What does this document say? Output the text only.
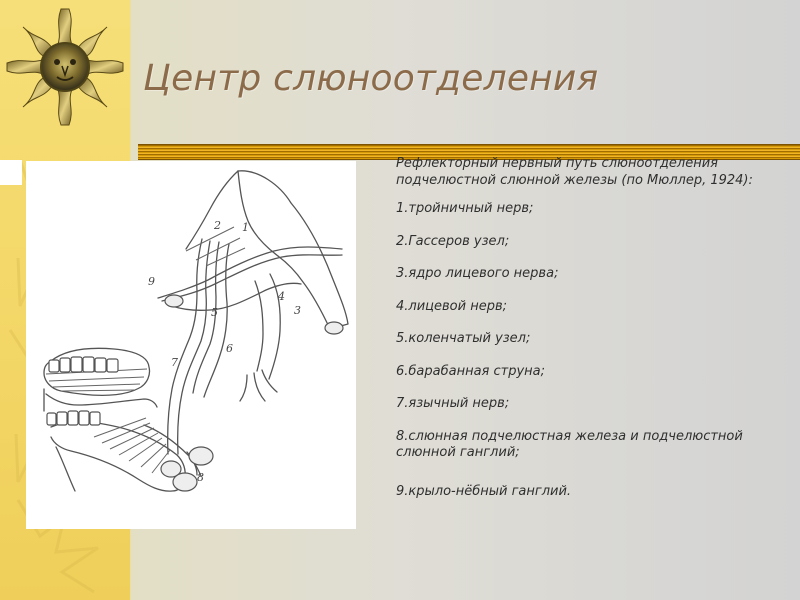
Центр слюноотделения
2 1
4
3
5
6
7
9
8

Рефлекторный нервный путь слюноотделения подчелюстной слюнной железы (по Мюллер, 1924):

1.тройничный нерв;
2.Гассеров узел;
3.ядро лицевого нерва;
4.лицевой нерв;
5.коленчатый узел;
6.барабанная струна;
7.язычный нерв;
8.слюнная подчелюстная железа и подчелюстной слюнной ганглий;
9.крыло-нёбный ганглий.
